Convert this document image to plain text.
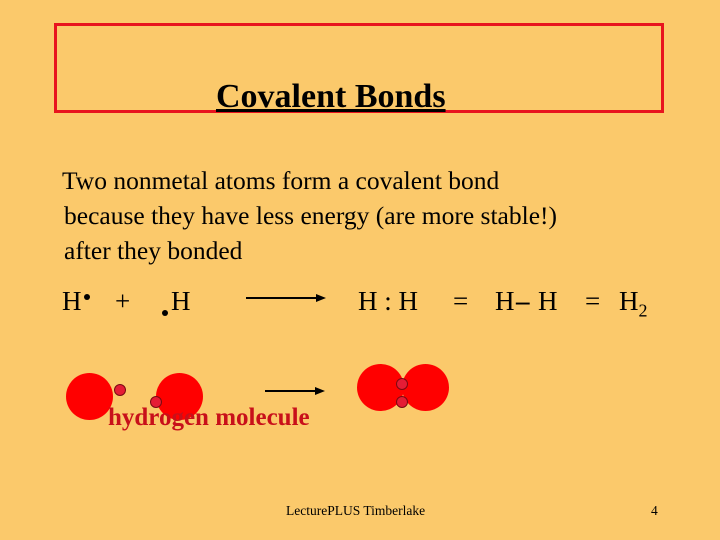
Covalent Bonds
Two nonmetal atoms form a covalent bond
because they have less energy (are more stable!)
after they bonded
H + H	H : $H = H - H = H_2$
hydrogen molecule
LecturePLUS Timberlake	4
